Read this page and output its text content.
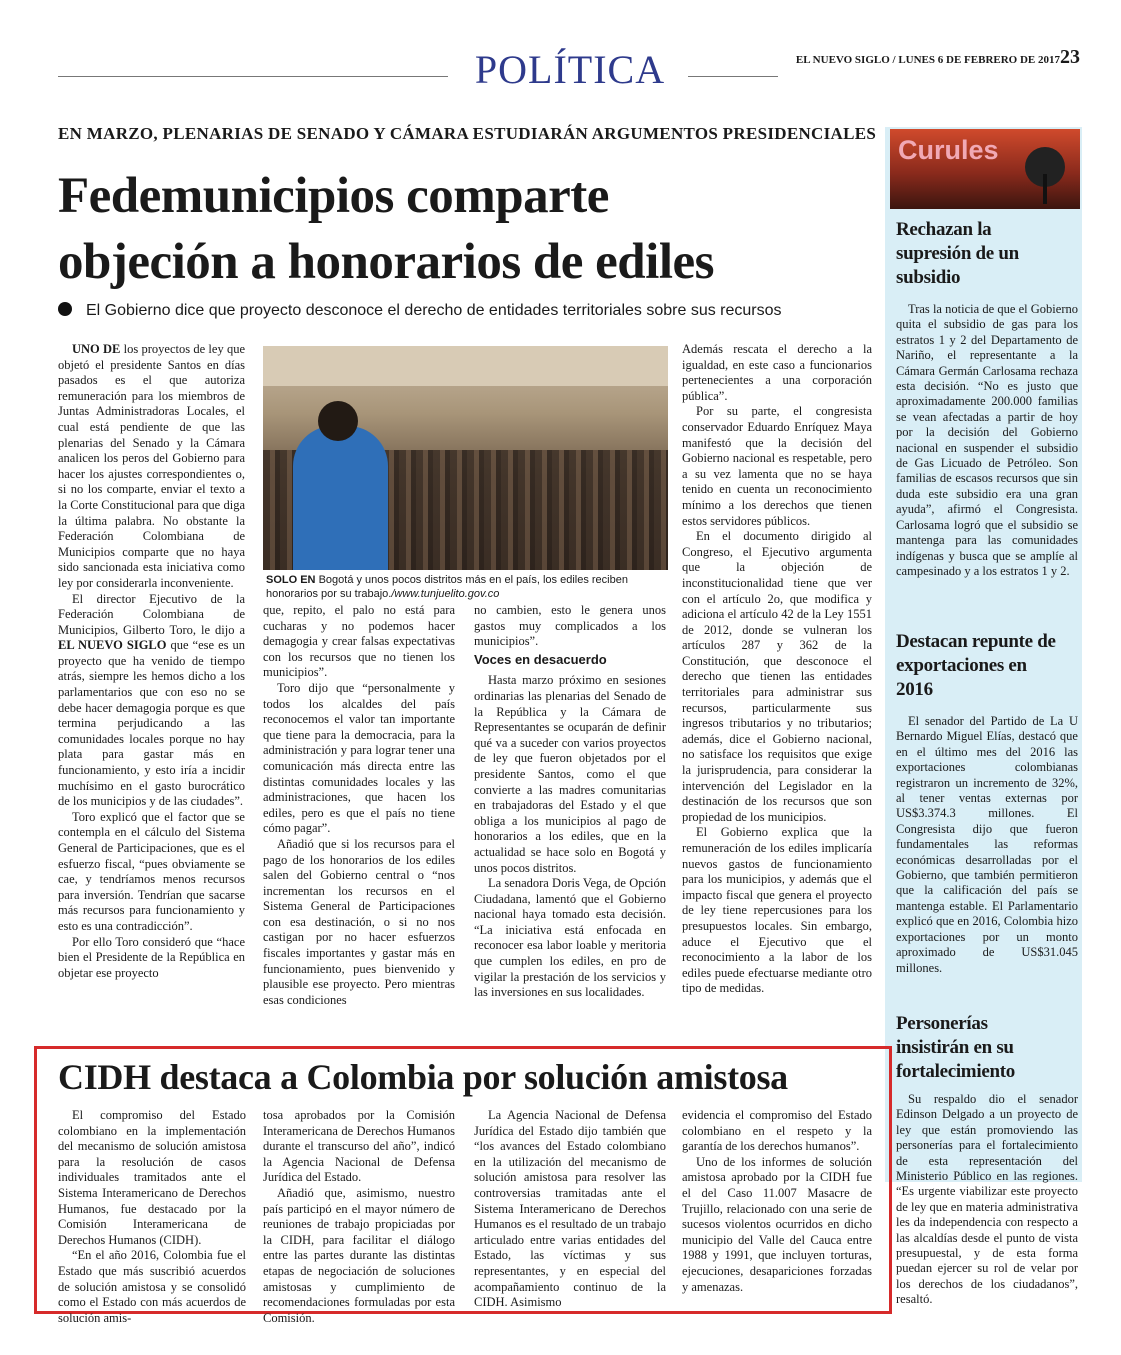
POLÍTICA	EL NUEVO SIGLO / LUNES 6 DE FEBRERO DE 2017 23
EN MARZO, PLENARIAS DE SENADO Y CÁMARA ESTUDIARÁN ARGUMENTOS PRESIDENCIALES
Fedemunicipios comparte
objeción a honorarios de ediles
El Gobierno dice que proyecto desconoce el derecho de entidades territoriales sobre sus recursos

UNO DE los proyectos de ley que objetó el presidente Santos en días pasados es el que autoriza remuneración para los miembros de Juntas Administradoras Locales, el cual está pendiente de que las plenarias del Senado y la Cámara analicen los peros del Gobierno para hacer los ajustes correspondientes o, si no los comparte, enviar el texto a la Corte Constitucional para que diga la última palabra. No obstante la Federación Colombiana de Municipios comparte que no haya sido sancionada esta iniciativa como ley por considerarla inconveniente.

El director Ejecutivo de la Federación Colombiana de Municipios, Gilberto Toro, le dijo a EL NUEVO SIGLO que “ese es un proyecto que ha venido de tiempo atrás, siempre les hemos dicho a los parlamentarios que con eso no se debe hacer demagogia porque es que termina perjudicando a las comunidades locales porque no hay plata para gastar más en funcionamiento, y esto iría a incidir muchísimo en el gasto burocrático de los municipios y de las ciudades”.

Toro explicó que el factor que se contempla en el cálculo del Sistema General de Participaciones, que es el esfuerzo fiscal, “pues obviamente se cae, y tendríamos menos recursos para inversión. Tendrían que sacarse más recursos para funcionamiento y esto es una contradicción”.

Por ello Toro consideró que “hace bien el Presidente de la República en objetar ese proyecto

SOLO EN Bogotá y unos pocos distritos más en el país, los ediles reciben honorarios por su trabajo./www.tunjuelito.gov.co

que, repito, el palo no está para cucharas y no podemos hacer demagogia y crear falsas expectativas con los recursos que no tienen los municipios”.

Toro dijo que “personalmente y todos los alcaldes del país reconocemos el valor tan importante que tiene para la democracia, para la administración y para lograr tener una comunicación más directa entre las distintas comunidades locales y las administraciones, que hacen los ediles, pero es que el país no tiene cómo pagar”.

Añadió que si los recursos para el pago de los honorarios de los ediles salen del Gobierno central o “nos incrementan los recursos en el Sistema General de Participaciones con esa destinación, o si no nos castigan por no hacer esfuerzos fiscales importantes y gastar más en funcionamiento, pues bienvenido y plausible ese proyecto. Pero mientras esas condiciones

no cambien, esto le genera unos gastos muy complicados a los municipios”.

Voces en desacuerdo

Hasta marzo próximo en sesiones ordinarias las plenarias del Senado de la República y la Cámara de Representantes se ocuparán de definir qué va a suceder con varios proyectos de ley que fueron objetados por el presidente Santos, como el que convierte a las madres comunitarias en trabajadoras del Estado y el que obliga a los municipios al pago de honorarios a los ediles, que en la actualidad se hace solo en Bogotá y unos pocos distritos.

La senadora Doris Vega, de Opción Ciudadana, lamentó que el Gobierno nacional haya tomado esta decisión. “La iniciativa está enfocada en reconocer esa labor loable y meritoria que cumplen los ediles, en pro de vigilar la prestación de los servicios y las inversiones en sus localidades.

Además rescata el derecho a la igualdad, en este caso a funcionarios pertenecientes a una corporación pública”.

Por su parte, el congresista conservador Eduardo Enríquez Maya manifestó que la decisión del Gobierno nacional es respetable, pero a su vez lamenta que no se haya tenido en cuenta un reconocimiento mínimo a los derechos que tienen estos servidores públicos.

En el documento dirigido al Congreso, el Ejecutivo argumenta que la objeción de inconstitucionalidad tiene que ver con el artículo 2o, que modifica y adiciona el artículo 42 de la Ley 1551 de 2012, donde se vulneran los artículos 287 y 362 de la Constitución, que desconoce el derecho que tienen las entidades territoriales para administrar sus recursos, particularmente sus ingresos tributarios y no tributarios; además, dice el Gobierno nacional, no satisface los requisitos que exige la jurisprudencia, para considerar la intervención del Legislador en la destinación de los recursos que son propiedad de los municipios.

El Gobierno explica que la remuneración de los ediles implicaría nuevos gastos de funcionamiento para los municipios, y además que el impacto fiscal que genera el proyecto de ley tiene repercusiones para los presupuestos locales. Sin embargo, aduce el Ejecutivo que el reconocimiento a la labor de los ediles puede efectuarse mediante otro tipo de medidas.

Curules
Rechazan la supresión de un subsidio

Tras la noticia de que el Gobierno quita el subsidio de gas para los estratos 1 y 2 del Departamento de Nariño, el representante a la Cámara Germán Carlosama rechaza esta decisión. “No es justo que aproximadamente 200.000 familias se vean afectadas a partir de hoy por la decisión del Gobierno nacional en suspender el subsidio de Gas Licuado de Petróleo. Son familias de escasos recursos que sin duda este subsidio era una gran ayuda”, afirmó el Congresista. Carlosama logró que el subsidio se mantenga para las comunidades indígenas y busca que se amplíe al campesinado y a los estratos 1 y 2.

Destacan repunte de exportaciones en 2016

El senador del Partido de La U Bernardo Miguel Elías, destacó que en el último mes del 2016 las exportaciones colombianas registraron un incremento de 32%, al tener ventas externas por US$3.374.3 millones. El Congresista dijo que fueron fundamentales las reformas económicas desarrolladas por el Gobierno, que también permitieron que la calificación del país se mantenga estable. El Parlamentario explicó que en 2016, Colombia hizo exportaciones por un monto aproximado de US$31.045 millones.

Personerías insistirán en su fortalecimiento

Su respaldo dio el senador Edinson Delgado a un proyecto de ley que están promoviendo las personerías para el fortalecimiento de esta representación del Ministerio Público en las regiones. “Es urgente viabilizar este proyecto de ley que en materia administrativa les da independencia con respecto a las alcaldías desde el punto de vista presupuestal, y de esta forma puedan ejercer su rol de velar por los derechos de los ciudadanos”, resaltó.

CIDH destaca a Colombia por solución amistosa

El compromiso del Estado colombiano en la implementación del mecanismo de solución amistosa para la resolución de casos individuales tramitados ante el Sistema Interamericano de Derechos Humanos, fue destacado por la Comisión Interamericana de Derechos Humanos (CIDH).

“En el año 2016, Colombia fue el Estado que más suscribió acuerdos de solución amistosa y se consolidó como el Estado con más acuerdos de solución amis-

tosa aprobados por la Comisión Interamericana de Derechos Humanos durante el transcurso del año”, indicó la Agencia Nacional de Defensa Jurídica del Estado.

Añadió que, asimismo, nuestro país participó en el mayor número de reuniones de trabajo propiciadas por la CIDH, para facilitar el diálogo entre las partes durante las distintas etapas de negociación de soluciones amistosas y cumplimiento de recomendaciones formuladas por esta Comisión.

La Agencia Nacional de Defensa Jurídica del Estado dijo también que “los avances del Estado colombiano en la utilización del mecanismo de solución amistosa para resolver las controversias tramitadas ante el Sistema Interamericano de Derechos Humanos es el resultado de un trabajo articulado entre varias entidades del Estado, las víctimas y sus representantes, y en especial del acompañamiento continuo de la CIDH. Asimismo

evidencia el compromiso del Estado colombiano en el respeto y la garantía de los derechos humanos”.

Uno de los informes de solución amistosa aprobado por la CIDH fue el del Caso 11.007 Masacre de Trujillo, relacionado con una serie de sucesos violentos ocurridos en dicho municipio del Valle del Cauca entre 1988 y 1991, que incluyen torturas, ejecuciones, desapariciones forzadas y amenazas.
